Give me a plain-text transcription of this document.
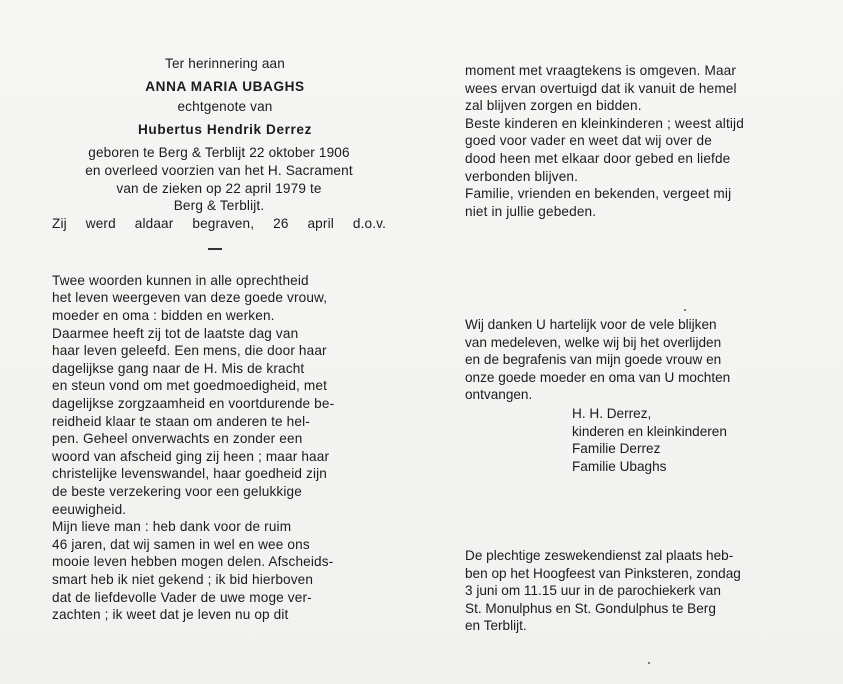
Ter herinnering aan
ANNA MARIA UBAGHS
echtgenote van
Hubertus Hendrik Derrez

geboren te Berg & Terblijt 22 oktober 1906

en overleed voorzien van het H. Sacrament

van de zieken op 22 april 1979 te

Berg & Terblijt.

Zij werd aldaar begraven, 26 april d.o.v.

Twee woorden kunnen in alle oprechtheid
het leven weergeven van deze goede vrouw,
moeder en oma : bidden en werken.
Daarmee heeft zij tot de laatste dag van
haar leven geleefd. Een mens, die door haar
dagelijkse gang naar de H. Mis de kracht
en steun vond om met goedmoedigheid, met
dagelijkse zorgzaamheid en voortdurende be-
reidheid klaar te staan om anderen te hel-
pen. Geheel onverwachts en zonder een
woord van afscheid ging zij heen ; maar haar
christelijke levenswandel, haar goedheid zijn
de beste verzekering voor een gelukkige
eeuwigheid.
Mijn lieve man : heb dank voor de ruim
46 jaren, dat wij samen in wel en wee ons
mooie leven hebben mogen delen. Afscheids-
smart heb ik niet gekend ; ik bid hierboven
dat de liefdevolle Vader de uwe moge ver-
zachten ; ik weet dat je leven nu op dit
moment met vraagtekens is omgeven. Maar
wees ervan overtuigd dat ik vanuit de hemel
zal blijven zorgen en bidden.
Beste kinderen en kleinkinderen ; weest altijd
goed voor vader en weet dat wij over de
dood heen met elkaar door gebed en liefde
verbonden blijven.
Familie, vrienden en bekenden, vergeet mij
niet in jullie gebeden.
Wij danken U hartelijk voor de vele blijken
van medeleven, welke wij bij het overlijden
en de begrafenis van mijn goede vrouw en
onze goede moeder en oma van U mochten
ontvangen.
H. H. Derrez,
kinderen en kleinkinderen
Familie Derrez
Familie Ubaghs
De plechtige zeswekendienst zal plaats heb-
ben op het Hoogfeest van Pinksteren, zondag
3 juni om 11.15 uur in de parochiekerk van
St. Monulphus en St. Gondulphus te Berg
en Terblijt.
